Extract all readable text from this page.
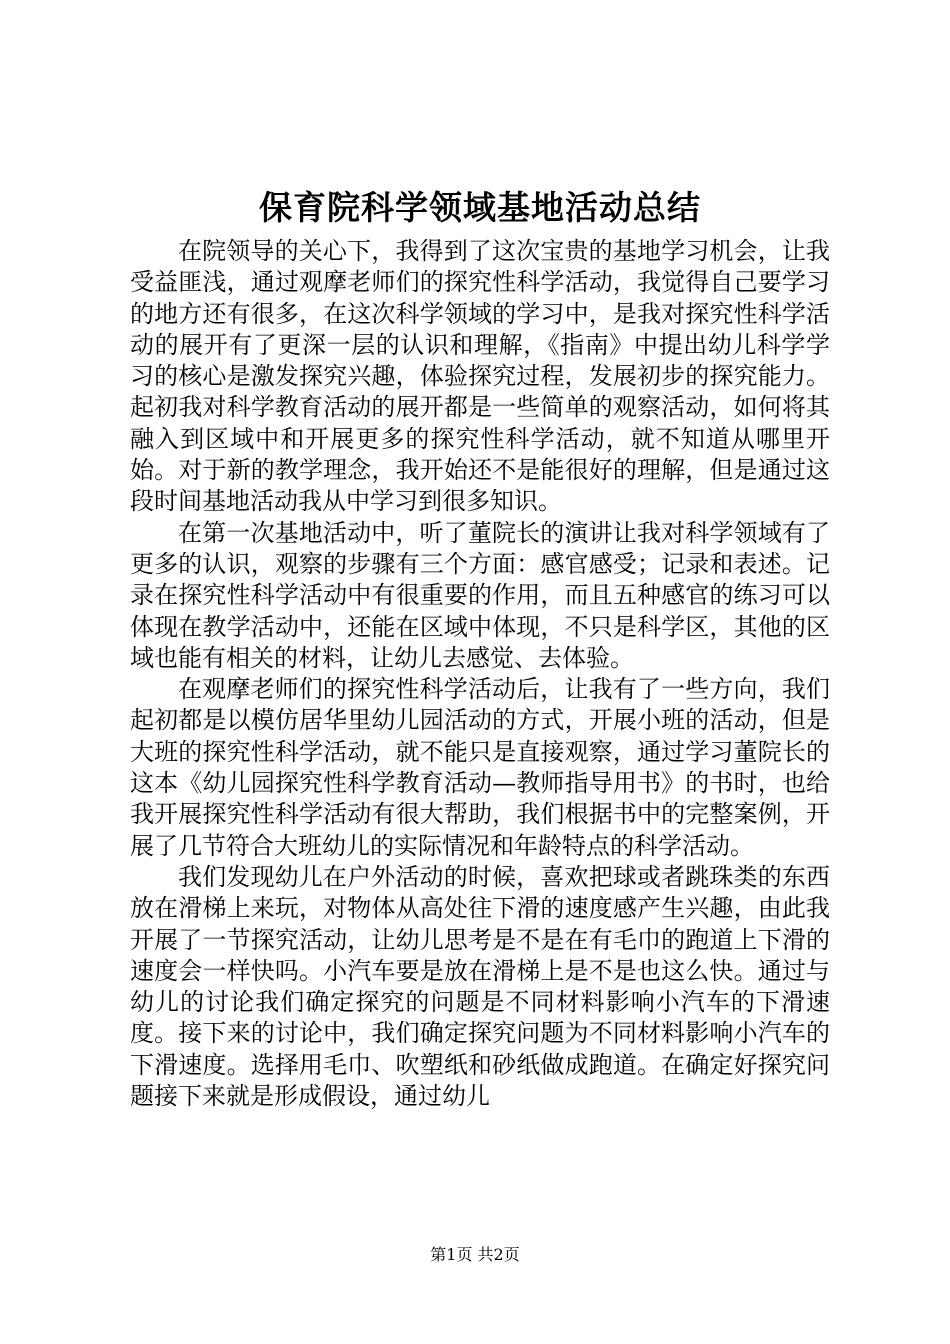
保育院科学领域基地活动总结

在院领导的关心下，我得到了这次宝贵的基地学习机会，让我受益匪浅，通过观摩老师们的探究性科学活动，我觉得自己要学习的地方还有很多，在这次科学领域的学习中，是我对探究性科学活动的展开有了更深一层的认识和理解，《指南》中提出幼儿科学学习的核心是激发探究兴趣，体验探究过程，发展初步的探究能力。起初我对科学教育活动的展开都是一些简单的观察活动，如何将其融入到区域中和开展更多的探究性科学活动，就不知道从哪里开始。对于新的教学理念，我开始还不是能很好的理解，但是通过这段时间基地活动我从中学习到很多知识。

在第一次基地活动中，听了董院长的演讲让我对科学领域有了更多的认识，观察的步骤有三个方面：感官感受；记录和表述。记录在探究性科学活动中有很重要的作用，而且五种感官的练习可以体现在教学活动中，还能在区域中体现，不只是科学区，其他的区域也能有相关的材料，让幼儿去感觉、去体验。

在观摩老师们的探究性科学活动后，让我有了一些方向，我们起初都是以模仿居华里幼儿园活动的方式，开展小班的活动，但是大班的探究性科学活动，就不能只是直接观察，通过学习董院长的这本《幼儿园探究性科学教育活动—教师指导用书》的书时，也给我开展探究性科学活动有很大帮助，我们根据书中的完整案例，开展了几节符合大班幼儿的实际情况和年龄特点的科学活动。

我们发现幼儿在户外活动的时候，喜欢把球或者跳珠类的东西放在滑梯上来玩，对物体从高处往下滑的速度感产生兴趣，由此我开展了一节探究活动，让幼儿思考是不是在有毛巾的跑道上下滑的速度会一样快吗。小汽车要是放在滑梯上是不是也这么快。通过与幼儿的讨论我们确定探究的问题是不同材料影响小汽车的下滑速度。接下来的讨论中，我们确定探究问题为不同材料影响小汽车的下滑速度。选择用毛巾、吹塑纸和砂纸做成跑道。在确定好探究问题接下来就是形成假设，通过幼儿

第1页 共2页
